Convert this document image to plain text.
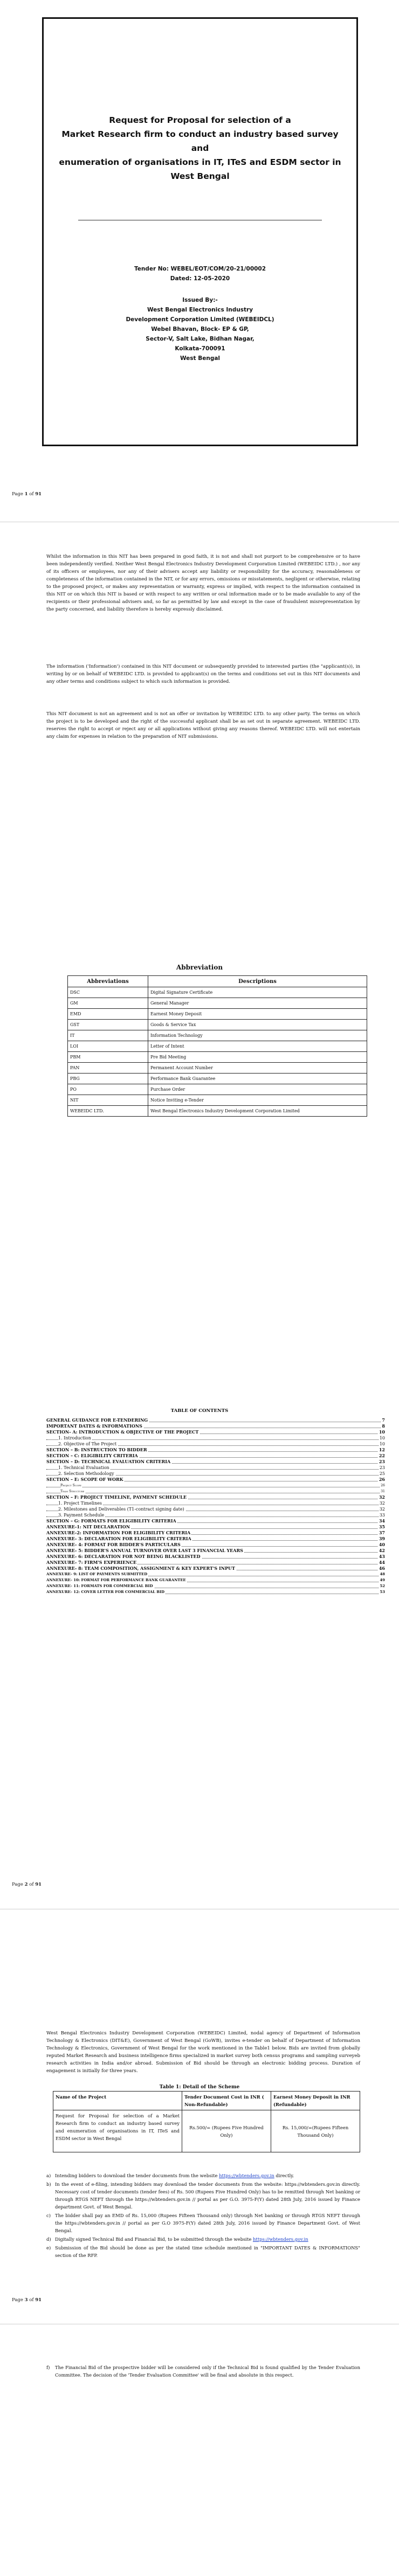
Request for Proposal for selection of a
Market Research firm to conduct an industry based survey and
enumeration of organisations in IT, ITeS and ESDM sector in
West Bengal
Tender No: WEBEL/EOT/COM/20-21/00002
Dated: 12-05-2020
Issued By:-
West Bengal Electronics Industry
Development Corporation Limited (WEBEIDCL)
Webel Bhavan, Block- EP & GP,
Sector-V, Salt Lake, Bidhan Nagar,
Kolkata-700091
West Bengal
Page 1 of 91

Whilst the information in this NIT has been prepared in good faith, it is not and shall not purport to be comprehensive or to have been independently verified. Neither West Bengal Electronics Industry Development Corporation Limited (WEBEIDC LTD.) , nor any of its officers or employees, nor any of their advisers accept any liability or responsibility for the accuracy, reasonableness or completeness of the information contained in the NIT, or for any errors, omissions or misstatements, negligent or otherwise, relating to the proposed project, or makes any representation or warranty, express or implied, with respect to the information contained in this NIT or on which this NIT is based or with respect to any written or oral information made or to be made available to any of the recipients or their professional advisers and, so far as permitted by law and except in the case of fraudulent misrepresentation by the party concerned, and liability therefore is hereby expressly disclaimed.

The information ('Information') contained in this NIT document or subsequently provided to interested parties (the "applicant(s)), in writing by or on behalf of WEBEIDC LTD. is provided to applicant(s) on the terms and conditions set out in this NIT documents and any other terms and conditions subject to which such information is provided.

This NIT document is not an agreement and is not an offer or invitation by WEBEIDC LTD. to any other party. The terms on which the project is to be developed and the right of the successful applicant shall be as set out in separate agreement. WEBEIDC LTD. reserves the right to accept or reject any or all applications without giving any reasons thereof. WEBEIDC LTD. will not entertain any claim for expenses in relation to the preparation of NIT submissions.

Abbreviation
Abbreviations	Descriptions
DSC	Digital Signature Certificate
GM	General Manager
EMD	Earnest Money Deposit
GST	Goods & Service Tax
IT	Information Technology
LOI	Letter of Intent
PBM	Pre Bid Meeting
PAN	Permanent Account Number
PBG	Performance Bank Guarantee
PO	Purchase Order
NIT	Notice Inviting e-Tender
WEBEIDC LTD.	West Bengal Electronics Industry Development Corporation Limited
TABLE OF CONTENTS
GENERAL GUIDANCE FOR E-TENDERING	7
IMPORTANT DATES & INFORMATIONS	8
SECTION- A: INTRODUCTION & OBJECTIVE OF THE PROJECT	10
1. Introduction	10
2. Objective of The Project	10
SECTION – B: INSTRUCTION TO BIDDER	12
SECTION – C: ELIGIBILITY CRITERIA	22
SECTION – D: TECHNICAL EVALUATION CRITERIA	23
1. Technical Evaluation	23
2. Selection Methodology	25
SECTION – E: SCOPE OF WORK	26
Project Scope	26
Team Structure	31
SECTION – F: PROJECT TIMELINE, PAYMENT SCHEDULE	32
1. Project Timelines	32
2. Milestones and Deliverables (T1-contract signing date)	32
3. Payment Schedule	33
SECTION – G: FORMATS FOR ELIGIBILITY CRITERIA	34
ANNEXURE-1: NIT DECLARATION	35
ANNEXURE-2: INFORMATION FOR ELIGIBILITY CRITERIA	37
ANNEXURE- 3: DECLARATION FOR ELIGIBILITY CRITERIA	39
ANNEXURE- 4: FORMAT FOR BIDDER'S PARTICULARS	40
ANNEXURE- 5: BIDDER'S ANNUAL TURNOVER OVER LAST 3 FINANCIAL YEARS	42
ANNEXURE- 6: DECLARATION FOR NOT BEING BLACKLISTED	43
ANNEXURE- 7: FIRM'S EXPERIENCE	44
ANNEXURE- 8: TEAM COMPOSITION, ASSIGNMENT & KEY EXPERT'S INPUT	46
ANNEXURE- 9: LIST OF PAYMENTS SUBMITTED	48
ANNEXURE- 10: FORMAT FOR PERFORMANCE BANK GUARANTEE	49
ANNEXURE- 11: FORMATS FOR COMMERCIAL BID	52
ANNEXURE- 12: COVER LETTER FOR COMMERCIAL BID	53
Page 2 of 91

West Bengal Electronics Industry Development Corporation (WEBEIDC) Limited, nodal agency of Department of Information Technology & Electronics (DIT&E), Government of West Bengal (GoWB), invites e-tender on behalf of Department of Information Technology & Electronics, Government of West Bengal for the work mentioned in the Table1 below. Bids are invited from globally reputed Market Research and business intelligence firms specialized in market survey both census programs and sampling surveyeb research activities in India and/or abroad. Submission of Bid should be through an electronic bidding process. Duration of engagement is initially for three years.

Table 1: Detail of the Scheme
Name of the Project	Tender Document Cost in INR ( Non-Refundable)	Earnest Money Deposit in INR (Refundable)
Request for Proposal for selection of a Market Research firm to conduct an industry based survey and enumeration of organisations in IT, ITeS and ESDM sector in West Bengal	Rs.500/= (Rupees Five Hundred Only)	Rs. 15,000/=(Rupees Fifteen Thousand Only)
a) Intending bidders to download the tender documents from the website https://wbtenders.gov.in directly.
b) In the event of e-filing, intending bidders may download the tender documents from the website: https://wbtenders.gov.in directly. Necessary cost of tender documents (tender fees) of Rs. 500 (Rupees Five Hundred Only) has to be remitted through Net banking or through RTGS NEFT through the https://wbtenders.gov.in // portal as per G.O. 3975-F(Y) dated 28th July, 2016 issued by Finance department Govt. of West Bengal.
c) The bidder shall pay an EMD of Rs. 15,000 (Rupees Fifteen Thousand only) through Net banking or through RTGS NEFT through the https://wbtenders.gov.in // portal as per G.O 3975-F(Y) dated 28th July, 2016 issued by Finance Department Govt. of West Bengal.
d) Digitally signed Technical Bid and Financial Bid, to be submitted through the website https://wbtenders.gov.in
e) Submission of the Bid should be done as per the stated time schedule mentioned in "IMPORTANT DATES & INFORMATIONS" section of the RFP.
Page 3 of 91
f) The Financial Bid of the prospective bidder will be considered only if the Technical Bid is found qualified by the Tender Evaluation Committee. The decision of the 'Tender Evaluation Committee' will be final and absolute in this respect.
